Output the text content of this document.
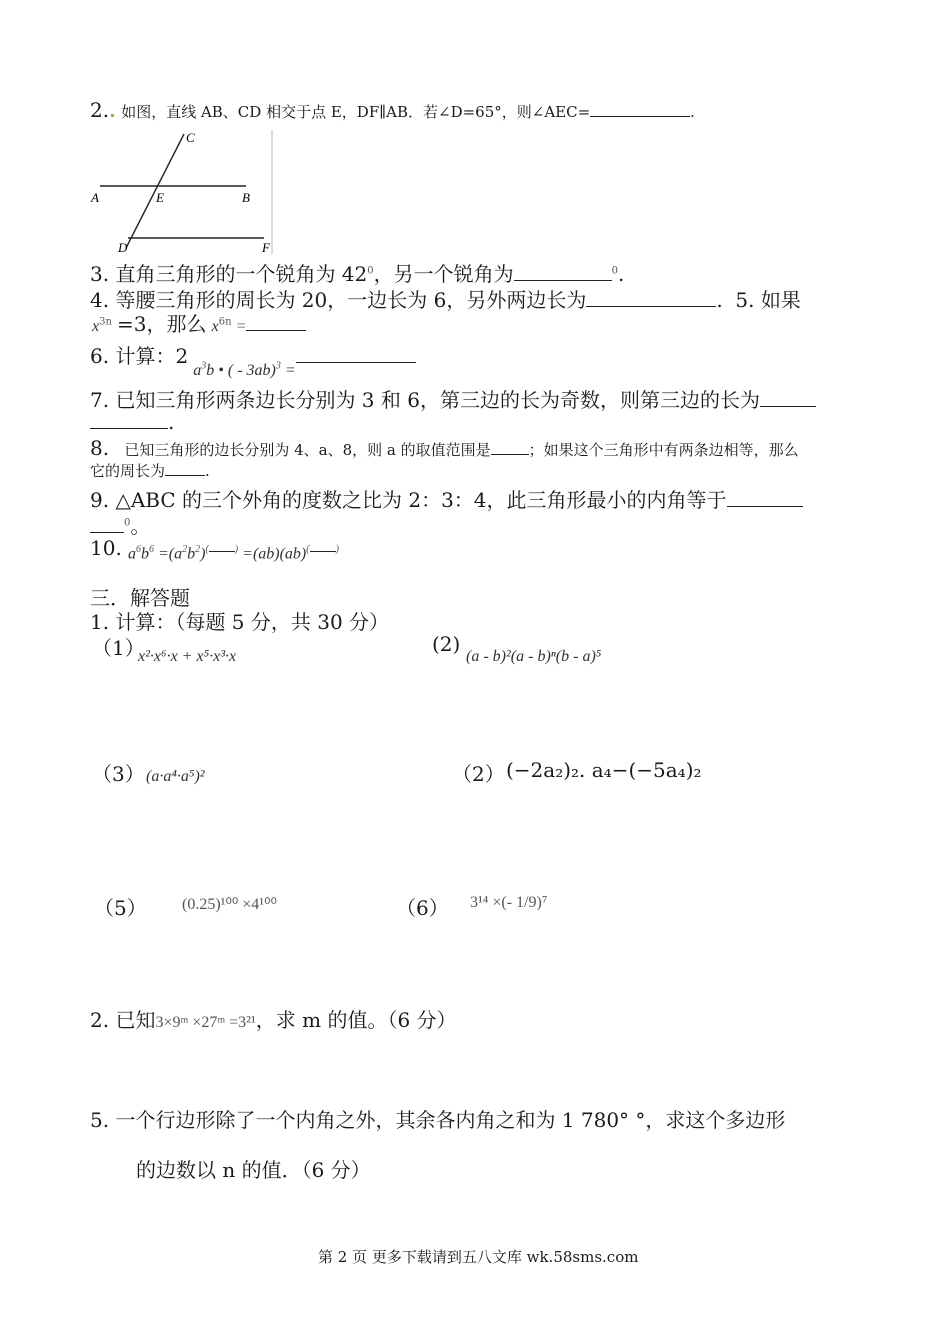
2. 如图，直线 AB、CD 相交于点 E，DF∥AB．若∠D=65°，则∠AEC=	.
C
E
A	B
D	F
3. 直角三角形的一个锐角为 $42^0$，另一个锐角为	$^0$.
4. 等腰三角形的周长为 20，一边长为 6，另外两边长为	. 5. 如果
$x^{3n} =3$，那么 $x^{6n}$ =
6. 计算：2 $a^3b$ • ( - 3ab)$^3$ =
7. 已知三角形两条边长分别为 3 和 6，第三边的长为奇数，则第三边的长为
.
8. 已知三角形的边长分别为 4、a、8，则 a 的取值范围是	；如果这个三角形中有两条边相等，那么
它的周长为	.
9. △ABC 的三个外角的度数之比为 2：3：4，此三角形最小的内角等于
$^0$。
10. $a^6b^6 =(a^2b^2)^{( )} =(ab)(ab)^{( )}$
三．解答题
1. 计算：（每题 5 分，共 30 分）
（1）
x²·x⁶·x + x⁵·x³·x
(2)
(a - b)²(a - b)ⁿ(b - a)⁵
（3） (a·a⁴·a⁵)²	（2） (−2a₂)₂. a₄−(−5a₄)₂
（5） (0.25)¹⁰⁰ ×4¹⁰⁰	（6） 3¹⁴ ×(- 1/9)⁷
2. 已知3×9ᵐ ×27ᵐ =3²¹，求 m 的值。（6 分）
5. 一个行边形除了一个内角之外，其余各内角之和为 1 780° °，求这个多边形
的边数以 n 的值．（6 分）
第 2 页 更多下载请到五八文库 wk.58sms.com
